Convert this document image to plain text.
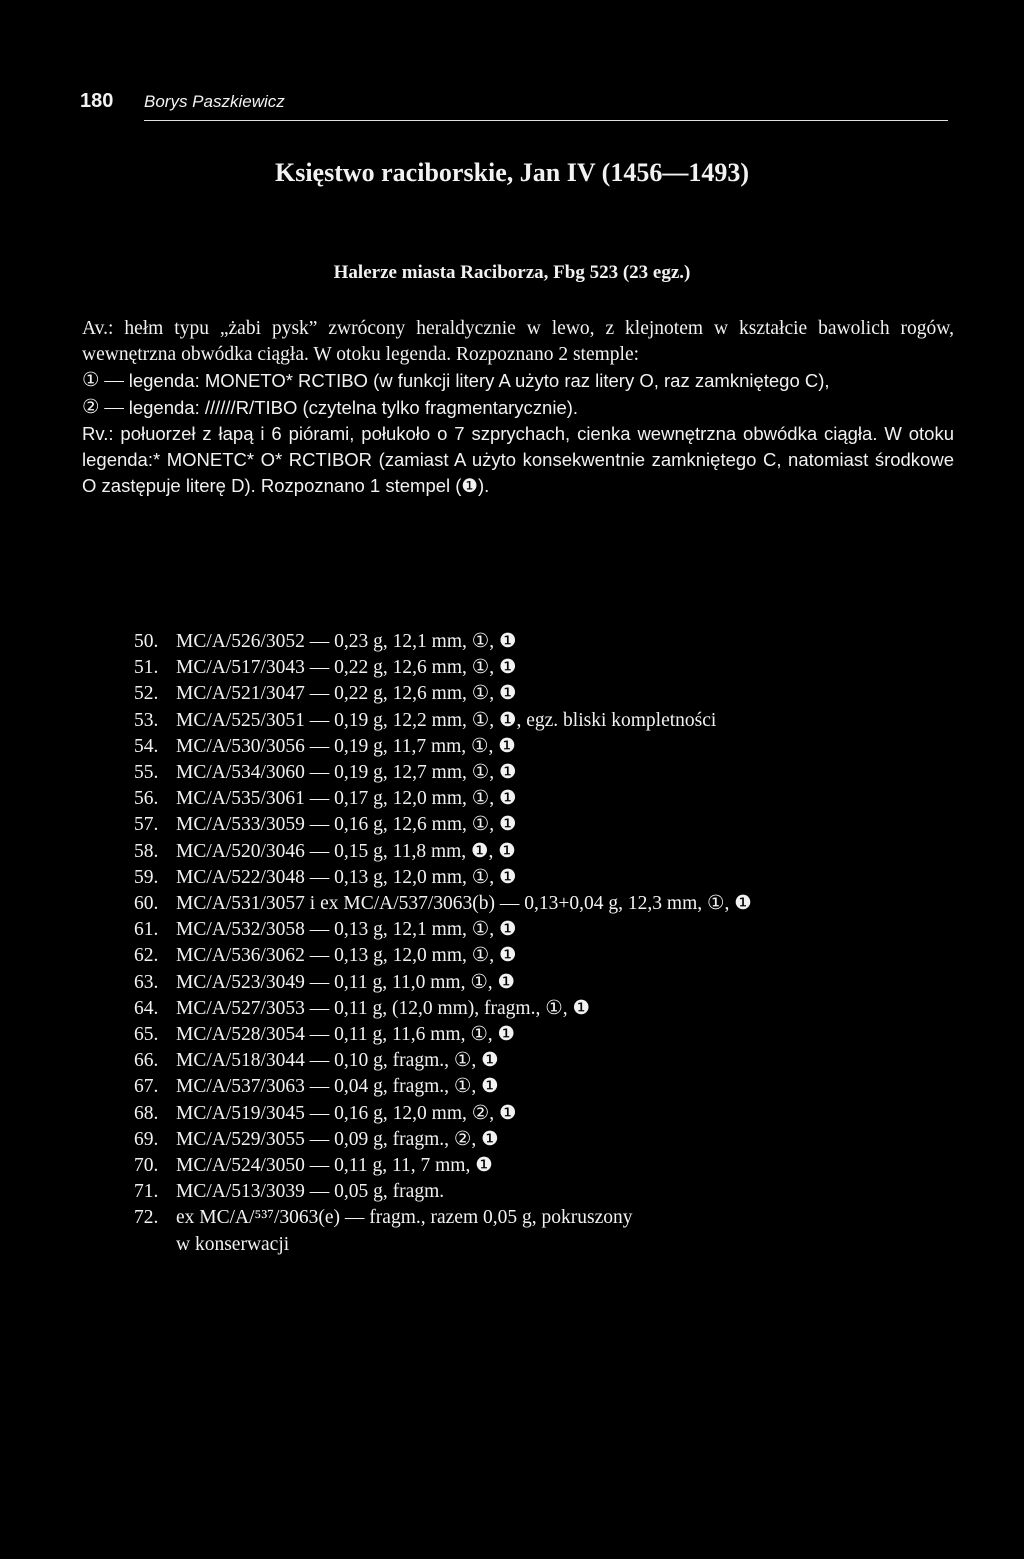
180 Borys Paszkiewicz
Księstwo raciborskie, Jan IV (1456—1493)
Halerze miasta Raciborza, Fbg 523 (23 egz.)

Av.: hełm typu „żabi pysk” zwrócony heraldycznie w lewo, z klejnotem w kształcie bawolich rogów, wewnętrzna obwódka ciągła. W otoku legenda. Rozpoznano 2 stemple:

① — legenda: MONETO* RCTIBO (w funkcji litery A użyto raz litery O, raz zamkniętego C),
② — legenda: //////R/TIBO (czytelna tylko fragmentarycznie).

Rv.: połuorzeł z łapą i 6 piórami, połukoło o 7 szprychach, cienka wewnętrzna obwódka ciągła. W otoku legenda:* MONETC* O* RCTIBOR (zamiast A użyto konsekwentnie zamkniętego C, natomiast środkowe O zastępuje literę D). Rozpoznano 1 stempel (❶).

50. MC/A/526/3052 — 0,23 g, 12,1 mm, ①, ❶
51. MC/A/517/3043 — 0,22 g, 12,6 mm, ①, ❶
52. MC/A/521/3047 — 0,22 g, 12,6 mm, ①, ❶
53. MC/A/525/3051 — 0,19 g, 12,2 mm, ①, ❶, egz. bliski kompletności
54. MC/A/530/3056 — 0,19 g, 11,7 mm, ①, ❶
55. MC/A/534/3060 — 0,19 g, 12,7 mm, ①, ❶
56. MC/A/535/3061 — 0,17 g, 12,0 mm, ①, ❶
57. MC/A/533/3059 — 0,16 g, 12,6 mm, ①, ❶
58. MC/A/520/3046 — 0,15 g, 11,8 mm, ❶, ❶
59. MC/A/522/3048 — 0,13 g, 12,0 mm, ①, ❶
60. MC/A/531/3057 i ex MC/A/537/3063(b) — 0,13+0,04 g, 12,3 mm, ①, ❶
61. MC/A/532/3058 — 0,13 g, 12,1 mm, ①, ❶
62. MC/A/536/3062 — 0,13 g, 12,0 mm, ①, ❶
63. MC/A/523/3049 — 0,11 g, 11,0 mm, ①, ❶
64. MC/A/527/3053 — 0,11 g, (12,0 mm), fragm., ①, ❶
65. MC/A/528/3054 — 0,11 g, 11,6 mm, ①, ❶
66. MC/A/518/3044 — 0,10 g, fragm., ①, ❶
67. MC/A/537/3063 — 0,04 g, fragm., ①, ❶
68. MC/A/519/3045 — 0,16 g, 12,0 mm, ②, ❶
69. MC/A/529/3055 — 0,09 g, fragm., ②, ❶
70. MC/A/524/3050 — 0,11 g, 11, 7 mm, ❶
71. MC/A/513/3039 — 0,05 g, fragm.
72. ex MC/A/⁵³⁷/3063(e) — fragm., razem 0,05 g, pokruszony
w konserwacji
